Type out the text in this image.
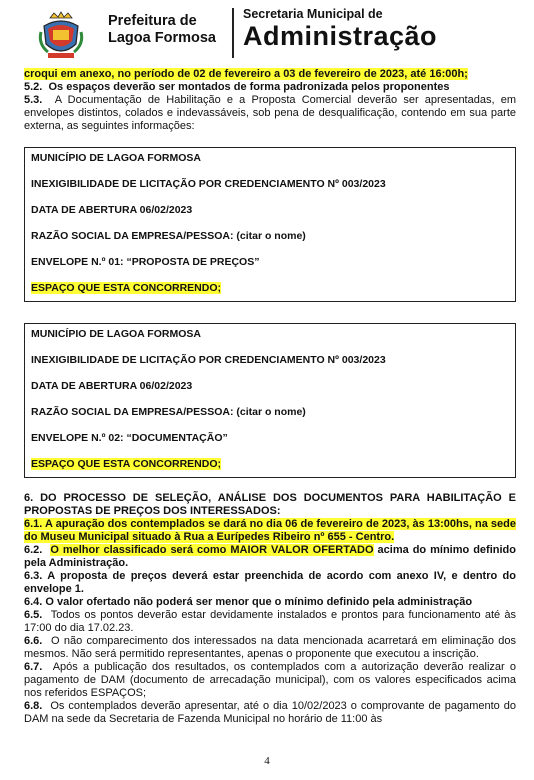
Prefeitura de
Lagoa Formosa
Secretaria Municipal de
Administração

croqui em anexo, no período de 02 de fevereiro a 03 de fevereiro de 2023, até 16:00h;

5.2. Os espaços deverão ser montados de forma padronizada pelos proponentes

5.3. A Documentação de Habilitação e a Proposta Comercial deverão ser apresentadas, em envelopes distintos, colados e indevassáveis, sob pena de desqualificação, contendo em sua parte externa, as seguintes informações:

MUNICÍPIO DE LAGOA FORMOSA
INEXIGIBILIDADE DE LICITAÇÃO POR CREDENCIAMENTO Nº 003/2023
DATA DE ABERTURA 06/02/2023
RAZÃO SOCIAL DA EMPRESA/PESSOA: (citar o nome)
ENVELOPE N.º 01: “PROPOSTA DE PREÇOS”
ESPAÇO QUE ESTA CONCORRENDO;
MUNICÍPIO DE LAGOA FORMOSA
INEXIGIBILIDADE DE LICITAÇÃO POR CREDENCIAMENTO Nº 003/2023
DATA DE ABERTURA 06/02/2023
RAZÃO SOCIAL DA EMPRESA/PESSOA: (citar o nome)
ENVELOPE N.º 02: “DOCUMENTAÇÃO”
ESPAÇO QUE ESTA CONCORRENDO;

6. DO PROCESSO DE SELEÇÃO, ANÁLISE DOS DOCUMENTOS PARA HABILITAÇÃO E PROPOSTAS DE PREÇOS DOS INTERESSADOS:

6.1. A apuração dos contemplados se dará no dia 06 de fevereiro de 2023, às 13:00hs, na sede do Museu Municipal situado à Rua a Eurípedes Ribeiro nº 655 - Centro.

6.2. O melhor classificado será como MAIOR VALOR OFERTADO acima do mínimo definido pela Administração.

6.3. A proposta de preços deverá estar preenchida de acordo com anexo IV, e dentro do envelope 1.

6.4. O valor ofertado não poderá ser menor que o mínimo definido pela administração

6.5. Todos os pontos deverão estar devidamente instalados e prontos para funcionamento até às 17:00 do dia 17.02.23.

6.6. O não comparecimento dos interessados na data mencionada acarretará em eliminação dos mesmos. Não será permitido representantes, apenas o proponente que executou a inscrição.

6.7. Após a publicação dos resultados, os contemplados com a autorização deverão realizar o pagamento de DAM (documento de arrecadação municipal), com os valores especificados acima nos referidos ESPAÇOS;

6.8. Os contemplados deverão apresentar, até o dia 10/02/2023 o comprovante de pagamento do DAM na sede da Secretaria de Fazenda Municipal no horário de 11:00 às

4
